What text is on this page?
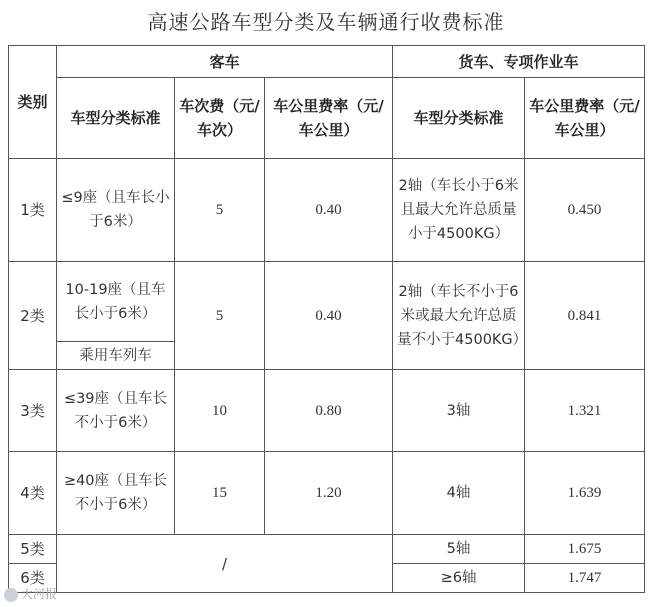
高速公路车型分类及车辆通行收费标准
类别	客车			货车、专项作业车	
	车型分类标准	车次费（元/车次）	车公里费率（元/车公里）	车型分类标准	车公里费率（元/车公里）
1类	≤9座（且车长小于6米）	5	0.40	2轴（车长小于6米且最大允许总质量小于4500KG）	0.450
2类	10-19座（且车长小于6米）	5	0.40	2轴（车长不小于6米或最大允许总质量不小于4500KG）	0.841
	乘用车列车				
3类	≤39座（且车长不小于6米）	10	0.80	3轴	1.321
4类	≥40座（且车长不小于6米）	15	1.20	4轴	1.639
5类	/			5轴	1.675
6类				≥6轴	1.747
大河报
